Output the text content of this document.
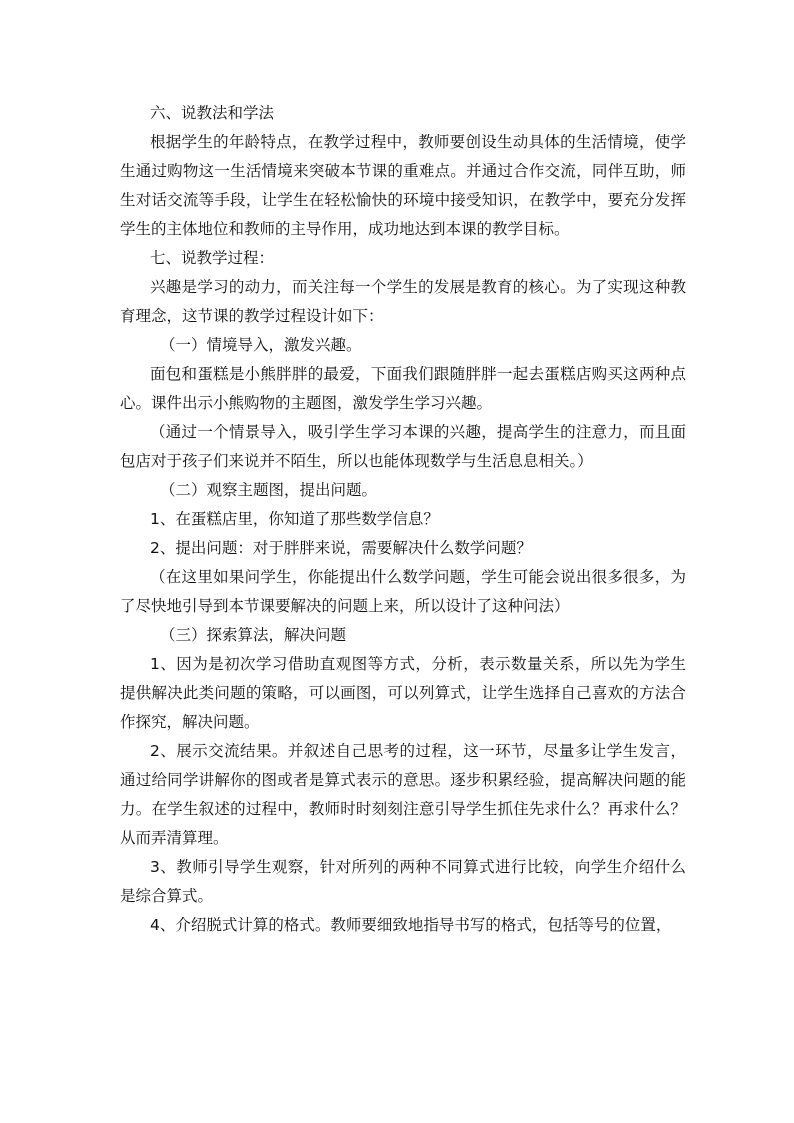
六、说教法和学法

根据学生的年龄特点，在教学过程中，教师要创设生动具体的生活情境，使学生通过购物这一生活情境来突破本节课的重难点。并通过合作交流，同伴互助，师生对话交流等手段，让学生在轻松愉快的环境中接受知识，在教学中，要充分发挥学生的主体地位和教师的主导作用，成功地达到本课的教学目标。

七、说教学过程：

兴趣是学习的动力，而关注每一个学生的发展是教育的核心。为了实现这种教育理念，这节课的教学过程设计如下：

（一）情境导入，激发兴趣。

面包和蛋糕是小熊胖胖的最爱，下面我们跟随胖胖一起去蛋糕店购买这两种点心。课件出示小熊购物的主题图，激发学生学习兴趣。

（通过一个情景导入，吸引学生学习本课的兴趣，提高学生的注意力，而且面包店对于孩子们来说并不陌生，所以也能体现数学与生活息息相关。）

（二）观察主题图，提出问题。

1、在蛋糕店里，你知道了那些数学信息？

2、提出问题：对于胖胖来说，需要解决什么数学问题？

（在这里如果问学生，你能提出什么数学问题，学生可能会说出很多很多，为了尽快地引导到本节课要解决的问题上来，所以设计了这种问法）

（三）探索算法，解决问题

1、因为是初次学习借助直观图等方式，分析，表示数量关系，所以先为学生提供解决此类问题的策略，可以画图，可以列算式，让学生选择自己喜欢的方法合作探究，解决问题。

2、展示交流结果。并叙述自己思考的过程，这一环节，尽量多让学生发言，通过给同学讲解你的图或者是算式表示的意思。逐步积累经验，提高解决问题的能力。在学生叙述的过程中，教师时时刻刻注意引导学生抓住先求什么？再求什么？从而弄清算理。

3、教师引导学生观察，针对所列的两种不同算式进行比较，向学生介绍什么是综合算式。

4、介绍脱式计算的格式。教师要细致地指导书写的格式，包括等号的位置，
